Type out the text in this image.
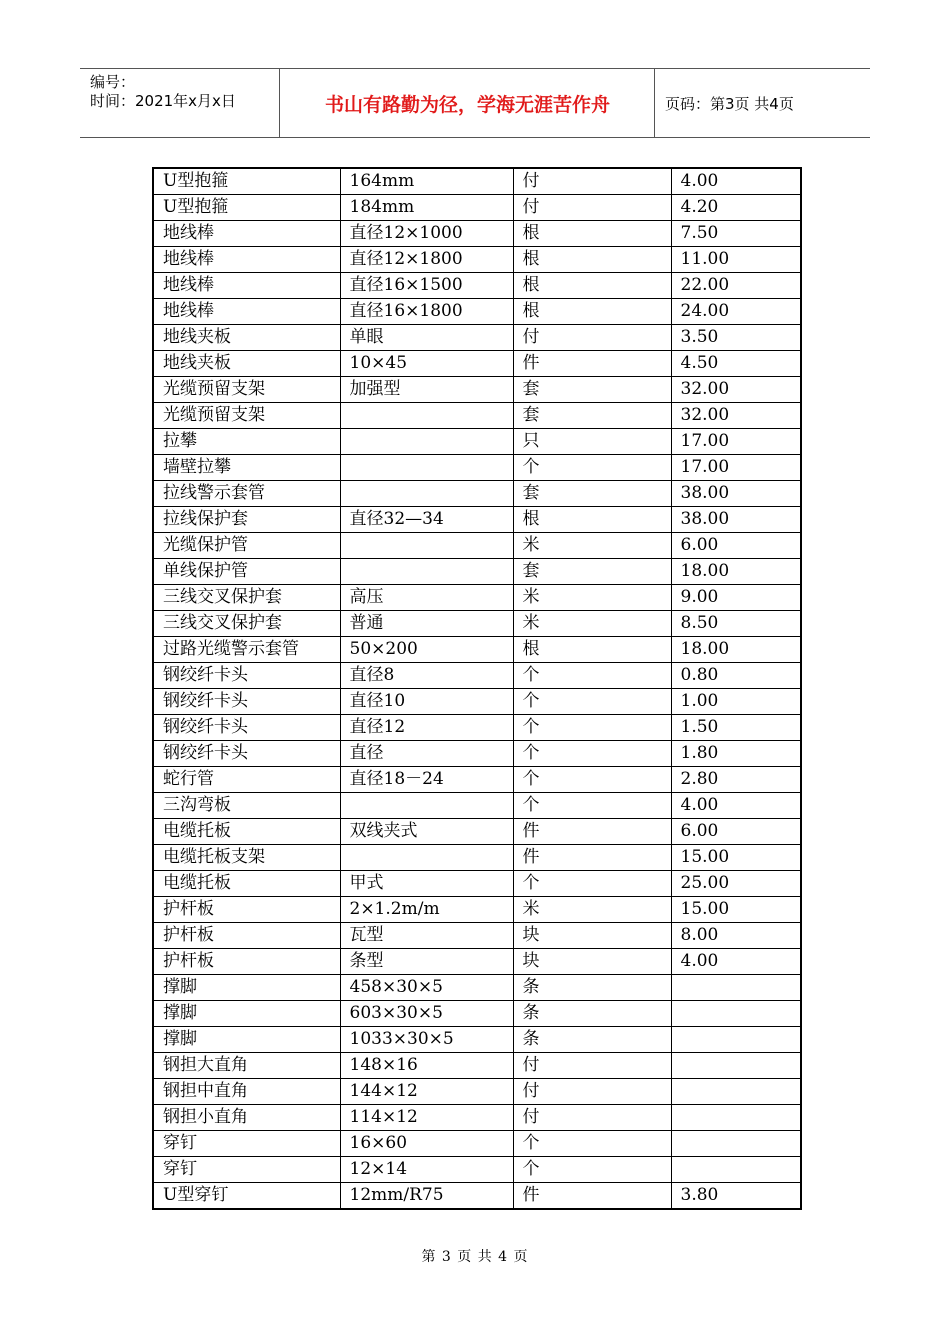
编号：
时间：2021年x月x日	书山有路勤为径，学海无涯苦作舟	页码：第3页 共4页
U型抱箍	164mm	付	4.00
U型抱箍	184mm	付	4.20
地线棒	直径12×1000	根	7.50
地线棒	直径12×1800	根	11.00
地线棒	直径16×1500	根	22.00
地线棒	直径16×1800	根	24.00
地线夹板	单眼	付	3.50
地线夹板	10×45	件	4.50
光缆预留支架	加强型	套	32.00
光缆预留支架		套	32.00
拉攀		只	17.00
墙壁拉攀		个	17.00
拉线警示套管		套	38.00
拉线保护套	直径32—34	根	38.00
光缆保护管		米	6.00
单线保护管		套	18.00
三线交叉保护套	高压	米	9.00
三线交叉保护套	普通	米	8.50
过路光缆警示套管	50×200	根	18.00
钢绞纤卡头	直径8	个	0.80
钢绞纤卡头	直径10	个	1.00
钢绞纤卡头	直径12	个	1.50
钢绞纤卡头	直径	个	1.80
蛇行管	直径18－24	个	2.80
三沟弯板		个	4.00
电缆托板	双线夹式	件	6.00
电缆托板支架		件	15.00
电缆托板	甲式	个	25.00
护杆板	2×1.2m/m	米	15.00
护杆板	瓦型	块	8.00
护杆板	条型	块	4.00
撑脚	458×30×5	条	
撑脚	603×30×5	条	
撑脚	1033×30×5	条	
钢担大直角	148×16	付	
钢担中直角	144×12	付	
钢担小直角	114×12	付	
穿钉	16×60	个	
穿钉	12×14	个	
U型穿钉	12mm/R75	件	3.80
第 3 页 共 4 页
